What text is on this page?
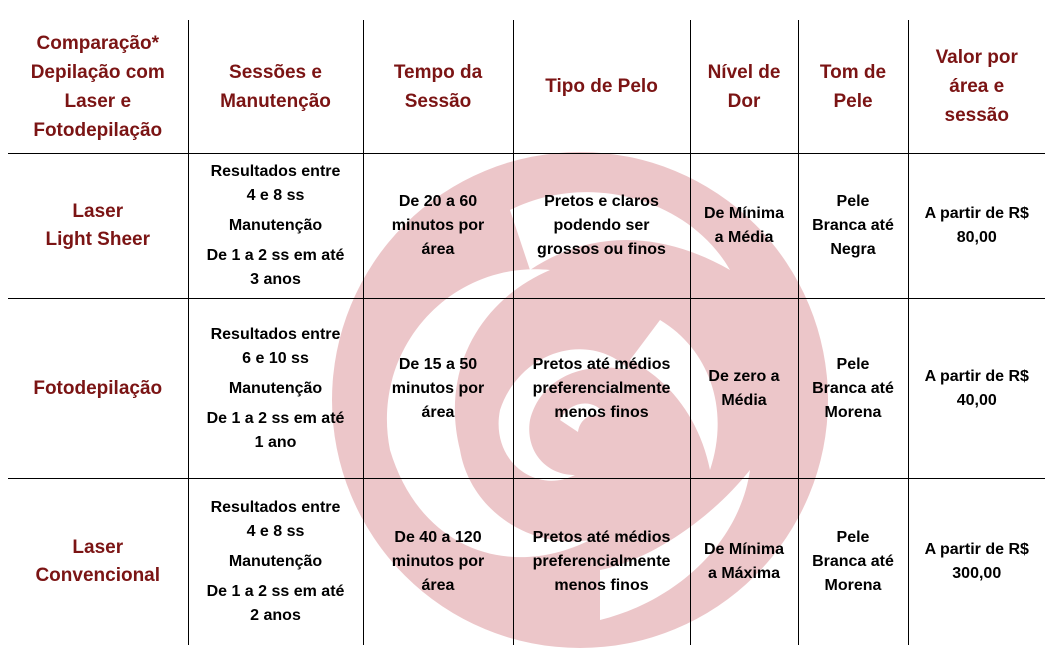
Comparação*
Depilação com
Laser e
Fotodepilação	Sessões e
Manutenção	Tempo da
Sessão	Tipo de Pelo	Nível de
Dor	Tom de
Pele	Valor por
área e
sessão

Laser
Light Sheer	Resultados entre
4 e 8 ss
Manutenção
De 1 a 2 ss em até
3 anos	De 20 a 60
minutos por
área	Pretos e claros
podendo ser
grossos ou finos	De Mínima
a Média	Pele
Branca até
Negra	A partir de R$
80,00

Fotodepilação	Resultados entre
6 e 10 ss
Manutenção
De 1 a 2 ss em até
1 ano	De 15 a 50
minutos por
área	Pretos até médios
preferencialmente
menos finos	De zero a
Média	Pele
Branca até
Morena	A partir de R$
40,00

Laser
Convencional	Resultados entre
4 e 8 ss
Manutenção
De 1 a 2 ss em até
2 anos	De 40 a 120
minutos por
área	Pretos até médios
preferencialmente
menos finos	De Mínima
a Máxima	Pele
Branca até
Morena	A partir de R$
300,00
